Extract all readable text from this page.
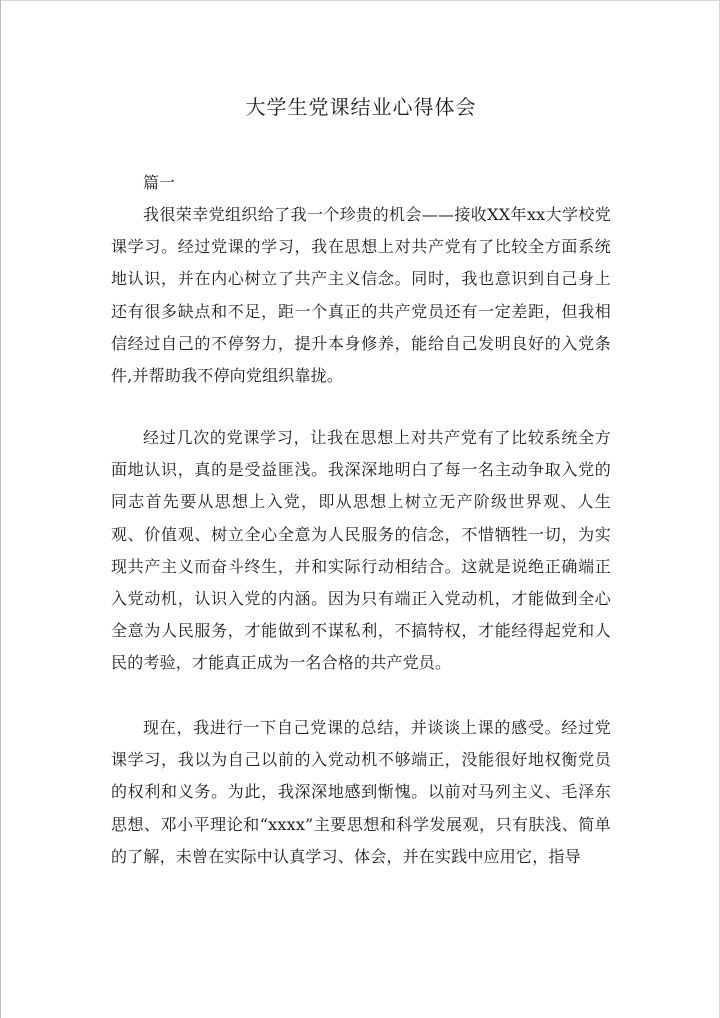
大学生党课结业心得体会

篇一

我很荣幸党组织给了我一个珍贵的机会——接收XX年xx大学校党课学习。经过党课的学习，我在思想上对共产党有了比较全方面系统地认识，并在内心树立了共产主义信念。同时，我也意识到自己身上还有很多缺点和不足，距一个真正的共产党员还有一定差距，但我相信经过自己的不停努力，提升本身修养，能给自己发明良好的入党条件,并帮助我不停向党组织靠拢。

经过几次的党课学习，让我在思想上对共产党有了比较系统全方面地认识，真的是受益匪浅。我深深地明白了每一名主动争取入党的同志首先要从思想上入党，即从思想上树立无产阶级世界观、人生观、价值观、树立全心全意为人民服务的信念，不惜牺牲一切，为实现共产主义而奋斗终生，并和实际行动相结合。这就是说绝正确端正入党动机，认识入党的内涵。因为只有端正入党动机，才能做到全心全意为人民服务，才能做到不谋私利，不搞特权，才能经得起党和人民的考验，才能真正成为一名合格的共产党员。

现在，我进行一下自己党课的总结，并谈谈上课的感受。经过党课学习，我以为自己以前的入党动机不够端正，没能很好地权衡党员的权利和义务。为此，我深深地感到惭愧。以前对马列主义、毛泽东思想、邓小平理论和“xxxx”主要思想和科学发展观，只有肤浅、简单的了解，未曾在实际中认真学习、体会，并在实践中应用它，指导
